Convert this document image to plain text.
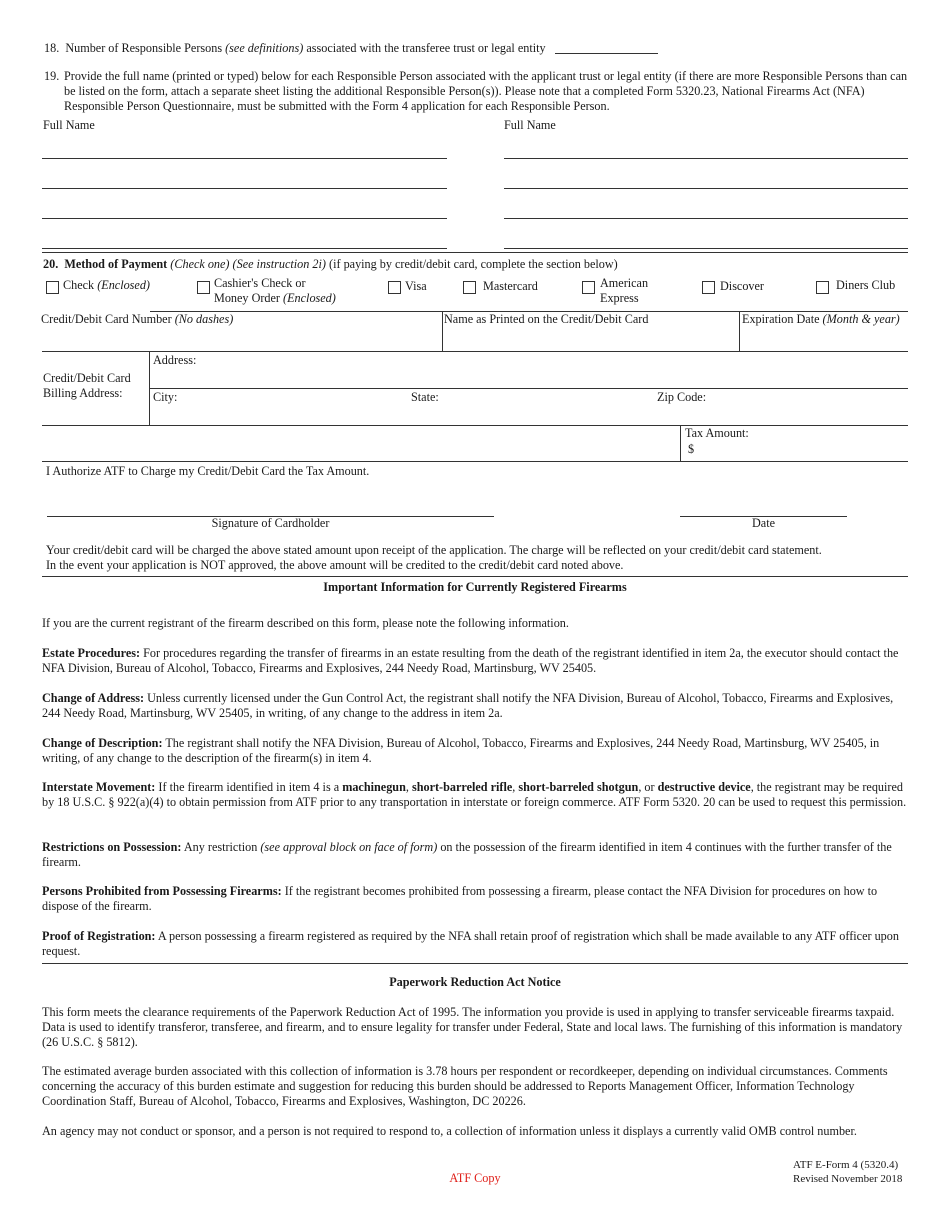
18. Number of Responsible Persons (see definitions) associated with the transferee trust or legal entity
19. Provide the full name (printed or typed) below for each Responsible Person associated with the applicant trust or legal entity (if there are more Responsible Persons than can be listed on the form, attach a separate sheet listing the additional Responsible Person(s)). Please note that a completed Form 5320.23, National Firearms Act (NFA) Responsible Person Questionnaire, must be submitted with the Form 4 application for each Responsible Person.
Full Name	Full Name
20. Method of Payment (Check one) (See instruction 2i) (if paying by credit/debit card, complete the section below)
Check (Enclosed)	Cashier's Check or
Money Order (Enclosed)
Visa	Mastercard	American
Express
Discover	Diners Club
Credit/Debit Card Number (No dashes)	Name as Printed on the Credit/Debit Card	Expiration Date (Month & year)
Credit/Debit Card
Billing Address:
Address:
City:	State:	Zip Code:
Tax Amount:
$
I Authorize ATF to Charge my Credit/Debit Card the Tax Amount.
Signature of Cardholder	Date
Your credit/debit card will be charged the above stated amount upon receipt of the application. The charge will be reflected on your credit/debit card statement.
In the event your application is NOT approved, the above amount will be credited to the credit/debit card noted above.
Important Information for Currently Registered Firearms
If you are the current registrant of the firearm described on this form, please note the following information.
Estate Procedures: For procedures regarding the transfer of firearms in an estate resulting from the death of the registrant identified in item 2a, the executor should contact the NFA Division, Bureau of Alcohol, Tobacco, Firearms and Explosives, 244 Needy Road, Martinsburg, WV 25405.
Change of Address: Unless currently licensed under the Gun Control Act, the registrant shall notify the NFA Division, Bureau of Alcohol, Tobacco, Firearms and Explosives, 244 Needy Road, Martinsburg, WV 25405, in writing, of any change to the address in item 2a.
Change of Description: The registrant shall notify the NFA Division, Bureau of Alcohol, Tobacco, Firearms and Explosives, 244 Needy Road, Martinsburg, WV 25405, in writing, of any change to the description of the firearm(s) in item 4.
Interstate Movement: If the firearm identified in item 4 is a machinegun, short-barreled rifle, short-barreled shotgun, or destructive device, the registrant may be required by 18 U.S.C. § 922(a)(4) to obtain permission from ATF prior to any transportation in interstate or foreign commerce. ATF Form 5320. 20 can be used to request this permission.
Restrictions on Possession: Any restriction (see approval block on face of form) on the possession of the firearm identified in item 4 continues with the further transfer of the firearm.
Persons Prohibited from Possessing Firearms: If the registrant becomes prohibited from possessing a firearm, please contact the NFA Division for procedures on how to dispose of the firearm.
Proof of Registration: A person possessing a firearm registered as required by the NFA shall retain proof of registration which shall be made available to any ATF officer upon request.
Paperwork Reduction Act Notice
This form meets the clearance requirements of the Paperwork Reduction Act of 1995. The information you provide is used in applying to transfer serviceable firearms taxpaid. Data is used to identify transferor, transferee, and firearm, and to ensure legality for transfer under Federal, State and local laws. The furnishing of this information is mandatory (26 U.S.C. § 5812).
The estimated average burden associated with this collection of information is 3.78 hours per respondent or recordkeeper, depending on individual circumstances. Comments concerning the accuracy of this burden estimate and suggestion for reducing this burden should be addressed to Reports Management Officer, Information Technology Coordination Staff, Bureau of Alcohol, Tobacco, Firearms and Explosives, Washington, DC 20226.
An agency may not conduct or sponsor, and a person is not required to respond to, a collection of information unless it displays a currently valid OMB control number.
ATF Copy
ATF E-Form 4 (5320.4)
Revised November 2018
